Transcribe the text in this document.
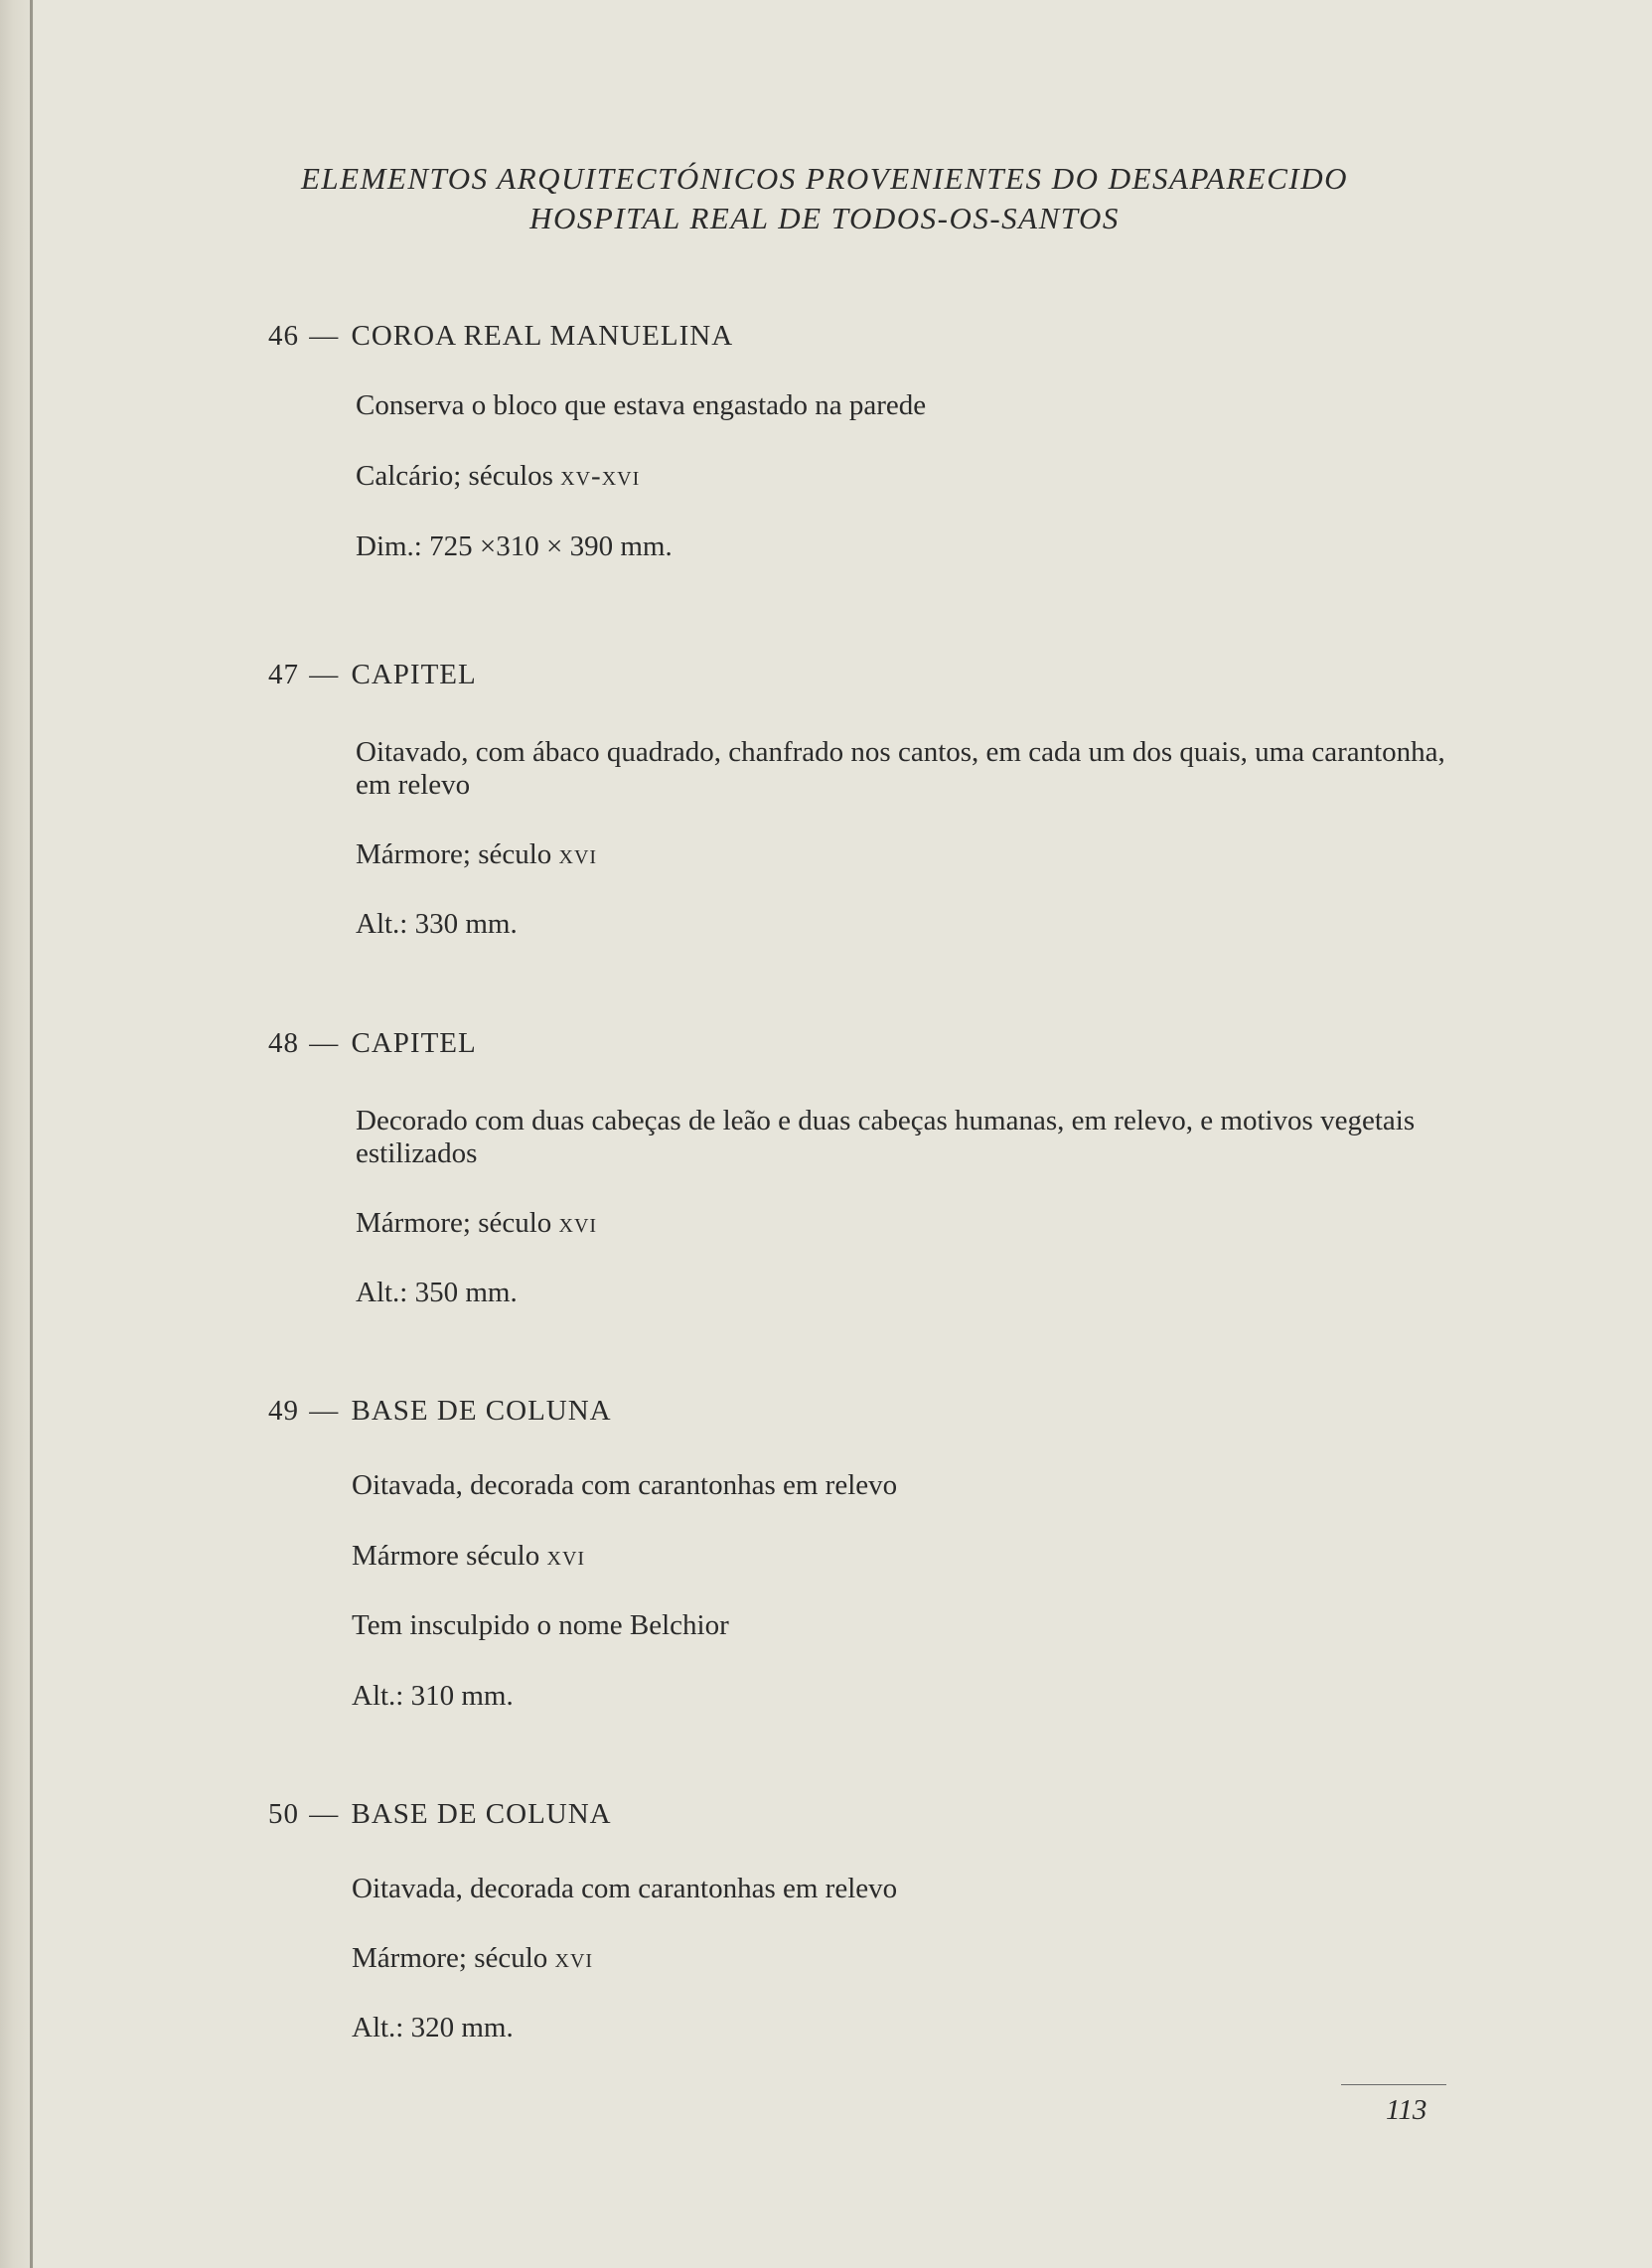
ELEMENTOS ARQUITECTÓNICOS PROVENIENTES DO DESAPARECIDO
HOSPITAL REAL DE TODOS-OS-SANTOS
46 — COROA REAL MANUELINA
Conserva o bloco que estava engastado na parede
Calcário; séculos xv-xvi
Dim.: 725 ×310 × 390 mm.
47 — CAPITEL
Oitavado, com ábaco quadrado, chanfrado nos cantos, em cada um dos quais, uma carantonha, em relevo
Mármore; século xvi
Alt.: 330 mm.
48 — CAPITEL
Decorado com duas cabeças de leão e duas cabeças humanas, em relevo, e motivos vegetais estilizados
Mármore; século xvi
Alt.: 350 mm.
49 — BASE DE COLUNA
Oitavada, decorada com carantonhas em relevo
Mármore século xvi
Tem insculpido o nome Belchior
Alt.: 310 mm.
50 — BASE DE COLUNA
Oitavada, decorada com carantonhas em relevo
Mármore; século xvi
Alt.: 320 mm.
113
